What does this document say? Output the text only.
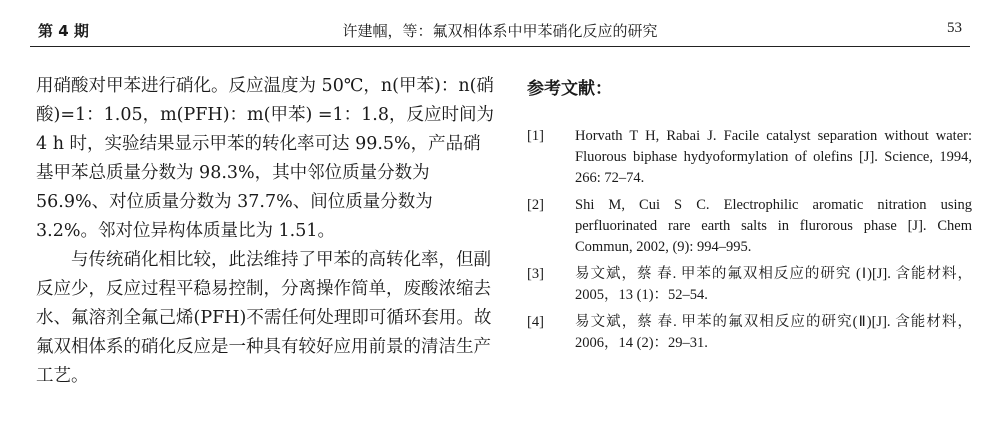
第 4 期	许建帼，等：氟双相体系中甲苯硝化反应的研究	53

用硝酸对甲苯进行硝化。反应温度为 50℃，n(甲苯)：n(硝酸)=1：1.05，m(PFH)：m(甲苯) =1：1.8，反应时间为 4 h 时，实验结果显示甲苯的转化率可达 99.5%，产品硝基甲苯总质量分数为 98.3%，其中邻位质量分数为 56.9%、对位质量分数为 37.7%、间位质量分数为 3.2%。邻对位异构体质量比为 1.51。

与传统硝化相比较，此法维持了甲苯的高转化率，但副反应少，反应过程平稳易控制，分离操作简单，废酸浓缩去水、氟溶剂全氟己烯(PFH)不需任何处理即可循环套用。故氟双相体系的硝化反应是一种具有较好应用前景的清洁生产工艺。

参考文献：
[1] Horvath T H, Rabai J. Facile catalyst separation without water: Fluorous biphase hydyoformylation of olefins [J]. Science, 1994, 266: 72–74.
[2] Shi M, Cui S C. Electrophilic aromatic nitration using perfluorinated rare earth salts in flurorous phase [J]. Chem Commun, 2002, (9): 994–995.
[3] 易文斌，蔡 春. 甲苯的氟双相反应的研究 (Ⅰ)[J]. 含能材料，2005，13 (1)：52–54.
[4] 易文斌，蔡 春. 甲苯的氟双相反应的研究(Ⅱ)[J]. 含能材料，2006，14 (2)：29–31.
